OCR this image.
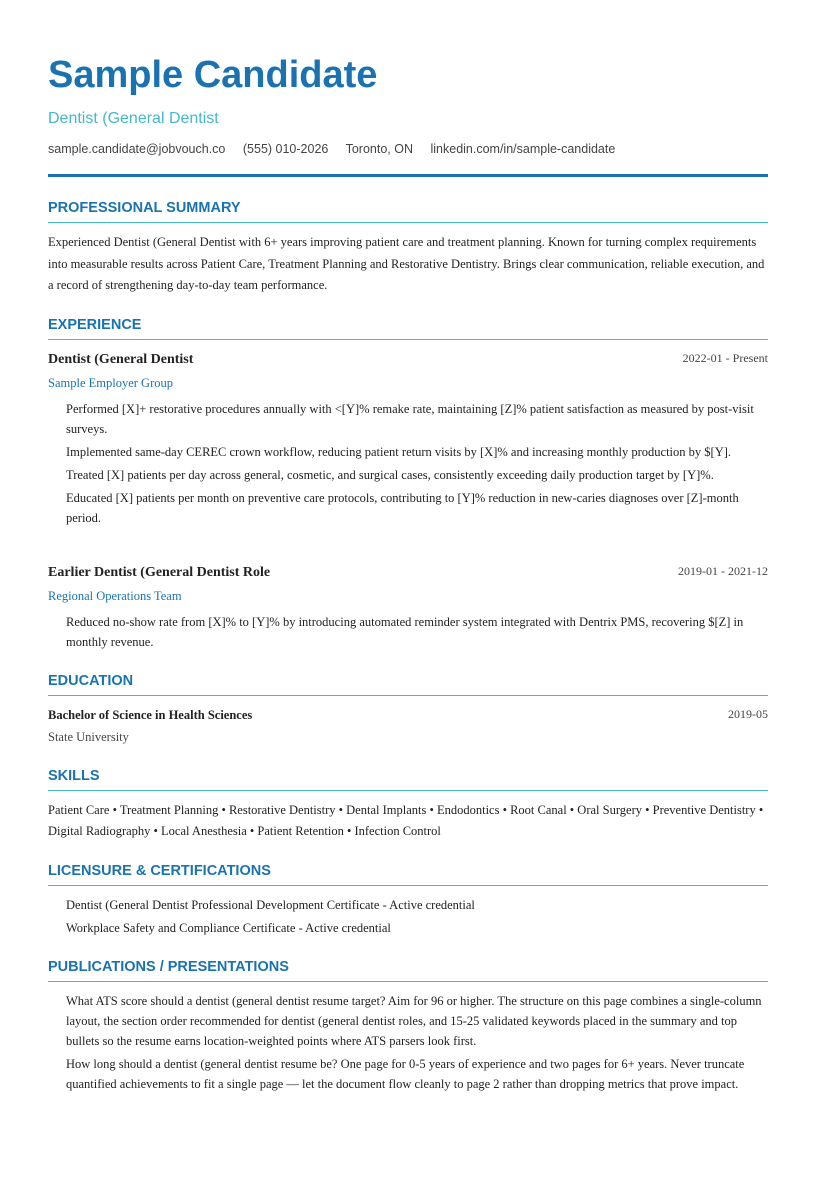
Sample Candidate
Dentist (General Dentist
sample.candidate@jobvouch.co (555) 010-2026 Toronto, ON linkedin.com/in/sample-candidate
PROFESSIONAL SUMMARY
Experienced Dentist (General Dentist with 6+ years improving patient care and treatment planning. Known for turning complex requirements into measurable results across Patient Care, Treatment Planning and Restorative Dentistry. Brings clear communication, reliable execution, and a record of strengthening day-to-day team performance.
EXPERIENCE
Dentist (General Dentist	2022-01 - Present
Sample Employer Group
Performed [X]+ restorative procedures annually with <[Y]% remake rate, maintaining [Z]% patient satisfaction as measured by post-visit surveys.
Implemented same-day CEREC crown workflow, reducing patient return visits by [X]% and increasing monthly production by $[Y].
Treated [X] patients per day across general, cosmetic, and surgical cases, consistently exceeding daily production target by [Y]%.
Educated [X] patients per month on preventive care protocols, contributing to [Y]% reduction in new-caries diagnoses over [Z]-month period.
Earlier Dentist (General Dentist Role	2019-01 - 2021-12
Regional Operations Team
Reduced no-show rate from [X]% to [Y]% by introducing automated reminder system integrated with Dentrix PMS, recovering $[Z] in monthly revenue.
EDUCATION
Bachelor of Science in Health Sciences	2019-05
State University
SKILLS
Patient Care • Treatment Planning • Restorative Dentistry • Dental Implants • Endodontics • Root Canal • Oral Surgery • Preventive Dentistry • Digital Radiography • Local Anesthesia • Patient Retention • Infection Control
LICENSURE & CERTIFICATIONS
Dentist (General Dentist Professional Development Certificate - Active credential
Workplace Safety and Compliance Certificate - Active credential
PUBLICATIONS / PRESENTATIONS
What ATS score should a dentist (general dentist resume target? Aim for 96 or higher. The structure on this page combines a single-column layout, the section order recommended for dentist (general dentist roles, and 15-25 validated keywords placed in the summary and top bullets so the resume earns location-weighted points where ATS parsers look first.
How long should a dentist (general dentist resume be? One page for 0-5 years of experience and two pages for 6+ years. Never truncate quantified achievements to fit a single page — let the document flow cleanly to page 2 rather than dropping metrics that prove impact.
